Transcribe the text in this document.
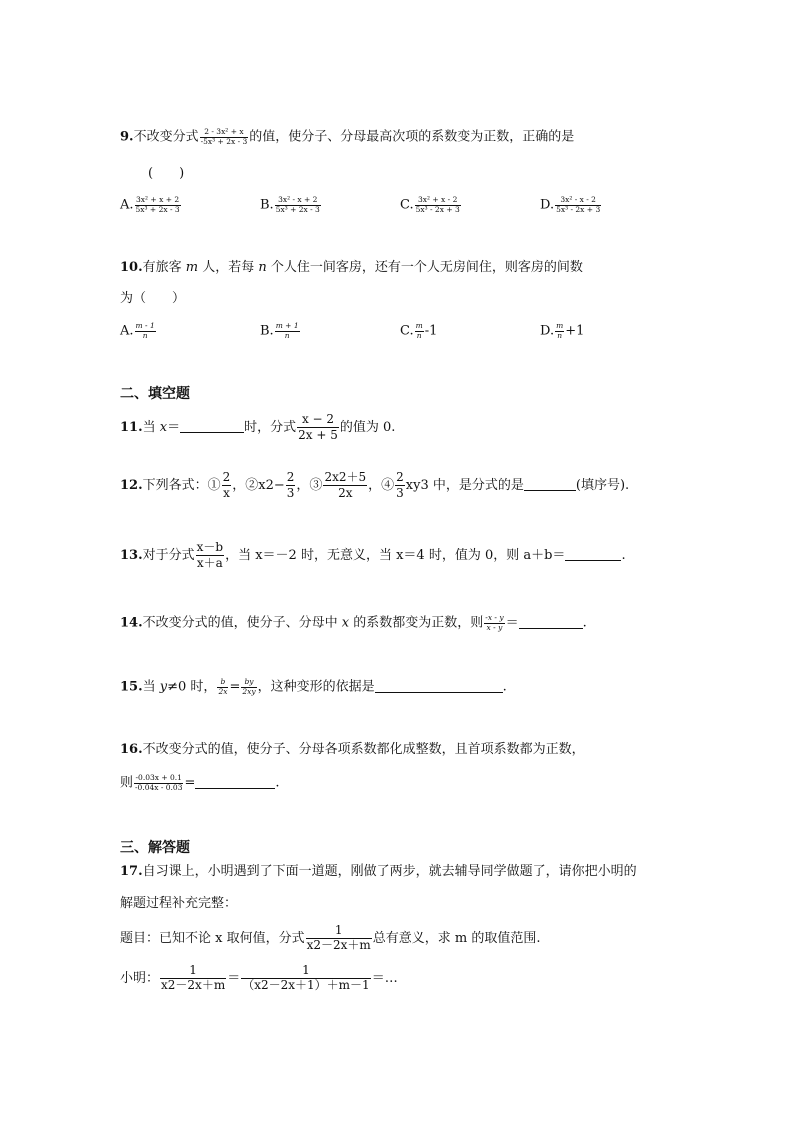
9.不改变分式 $\frac{\text{2 - 3x² + x}}{\text{-5x³ + 2x - 3}}$ 的值，使分子、分母最高次项的系数变为正数，正确的是
(　　)
A. $\frac{\text{3x² + x + 2}}{\text{5x³ + 2x - 3}}$	B. $\frac{\text{3x² - x + 2}}{\text{5x³ + 2x - 3}}$	C. $\frac{\text{3x² + x - 2}}{\text{5x³ - 2x + 3}}$	D. $\frac{\text{3x² - x - 2}}{\text{5x³ - 2x + 3}}$
10.有旅客 m 人，若每 n 个人住一间客房，还有一个人无房间住，则客房的间数
为（　　）
A. $\frac{m - 1}{n}$	B. $\frac{m + 1}{n}$	C. $\frac{m}{n} -1$	D. $\frac{m}{n} +1$
二、填空题
11.当 x＝	时，分式 $\frac{x - 2}{2x + 5}$ 的值为 0.
12.下列各式：① $\frac{2}{x}$ ，②x2− $\frac{2}{3}$ ，③ $\frac{2x2+5}{2x}$ ，④ $\frac{2}{3} xy3$ 中，是分式的是	(填序号).
13.对于分式 $\frac{x-b}{x+a}$ ，当 x＝－2 时，无意义，当 x＝4 时，值为 0，则 a＋b＝	.
14.不改变分式的值，使分子、分母中 x 的系数都变为正数，则 $\frac{-x - y}{x - y}$ ＝	.
15.当 y≠0 时， $\frac{b}{2x} = \frac{by}{2xy}$ ，这种变形的依据是	.
16.不改变分式的值，使分子、分母各项系数都化成整数，且首项系数都为正数，
则 $\frac{-0.03x + 0.1}{-0.04x - 0.03}$ =	.
三、解答题
17.自习课上，小明遇到了下面一道题，刚做了两步，就去辅导同学做题了，请你把小明的
解题过程补充完整：
题目：已知不论 x 取何值，分式 $\frac{1}{x2-2x+m}$ 总有意义，求 m 的取值范围.
小明： $\frac{1}{x2-2x+m} = \frac{1}{(x2-2x+1)+m-1}$ ＝…
